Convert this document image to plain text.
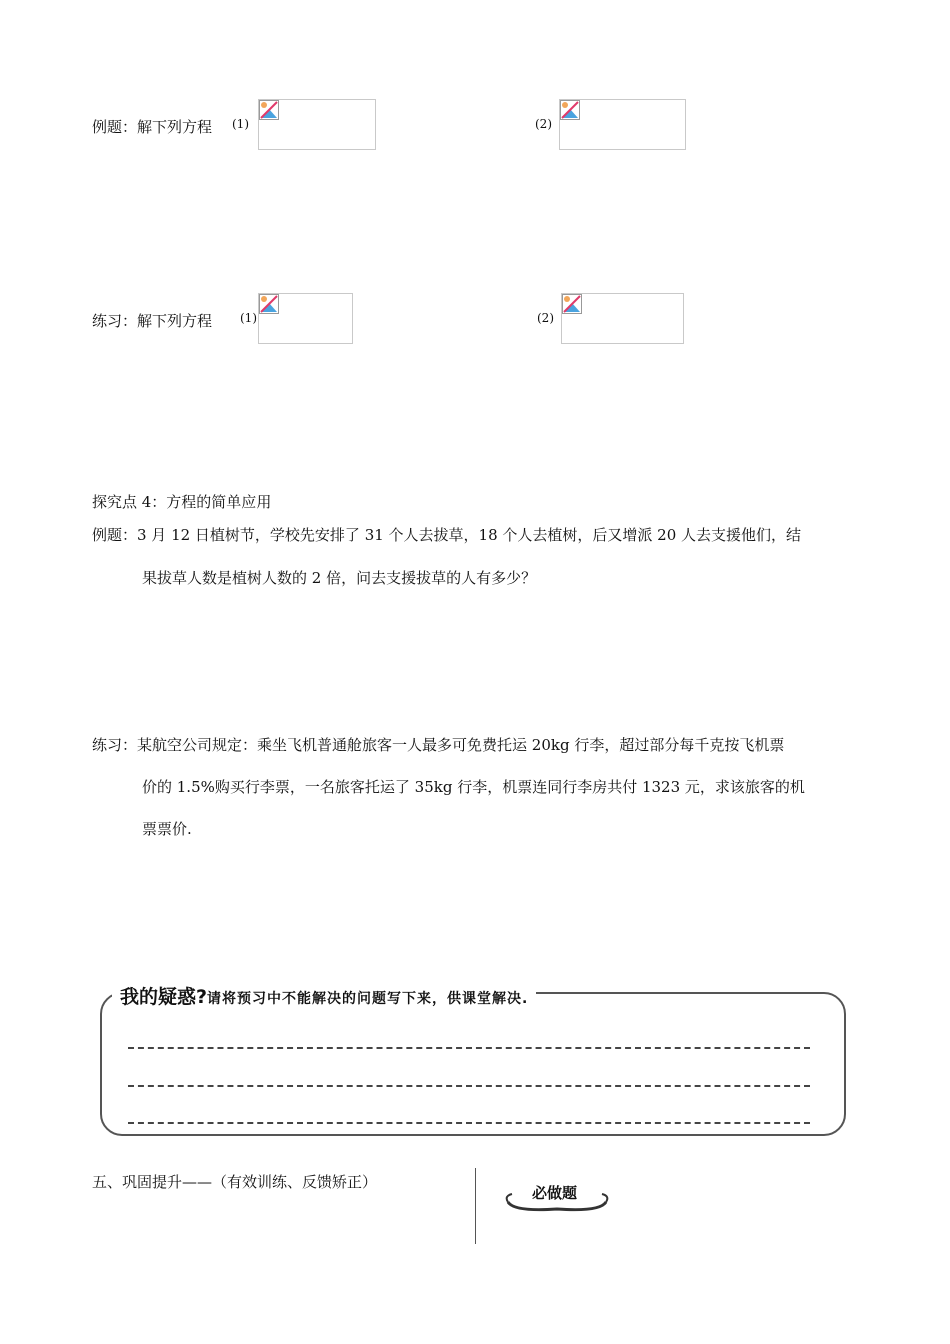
例题：解下列方程 (1)	(2)
练习：解下列方程 (1)	(2)
探究点 4：方程的简单应用
例题：3 月 12 日植树节，学校先安排了 31 个人去拔草，18 个人去植树，后又增派 20 人去支援他们，结
果拔草人数是植树人数的 2 倍，问去支援拔草的人有多少？
练习：某航空公司规定：乘坐飞机普通舱旅客一人最多可免费托运 20kg 行李，超过部分每千克按飞机票
价的 1.5%购买行李票，一名旅客托运了 35kg 行李，机票连同行李房共付 1323 元，求该旅客的机
票票价.
我的疑惑?请将预习中不能解决的问题写下来，供课堂解决.
五、巩固提升——（有效训练、反馈矫正）
必做题
